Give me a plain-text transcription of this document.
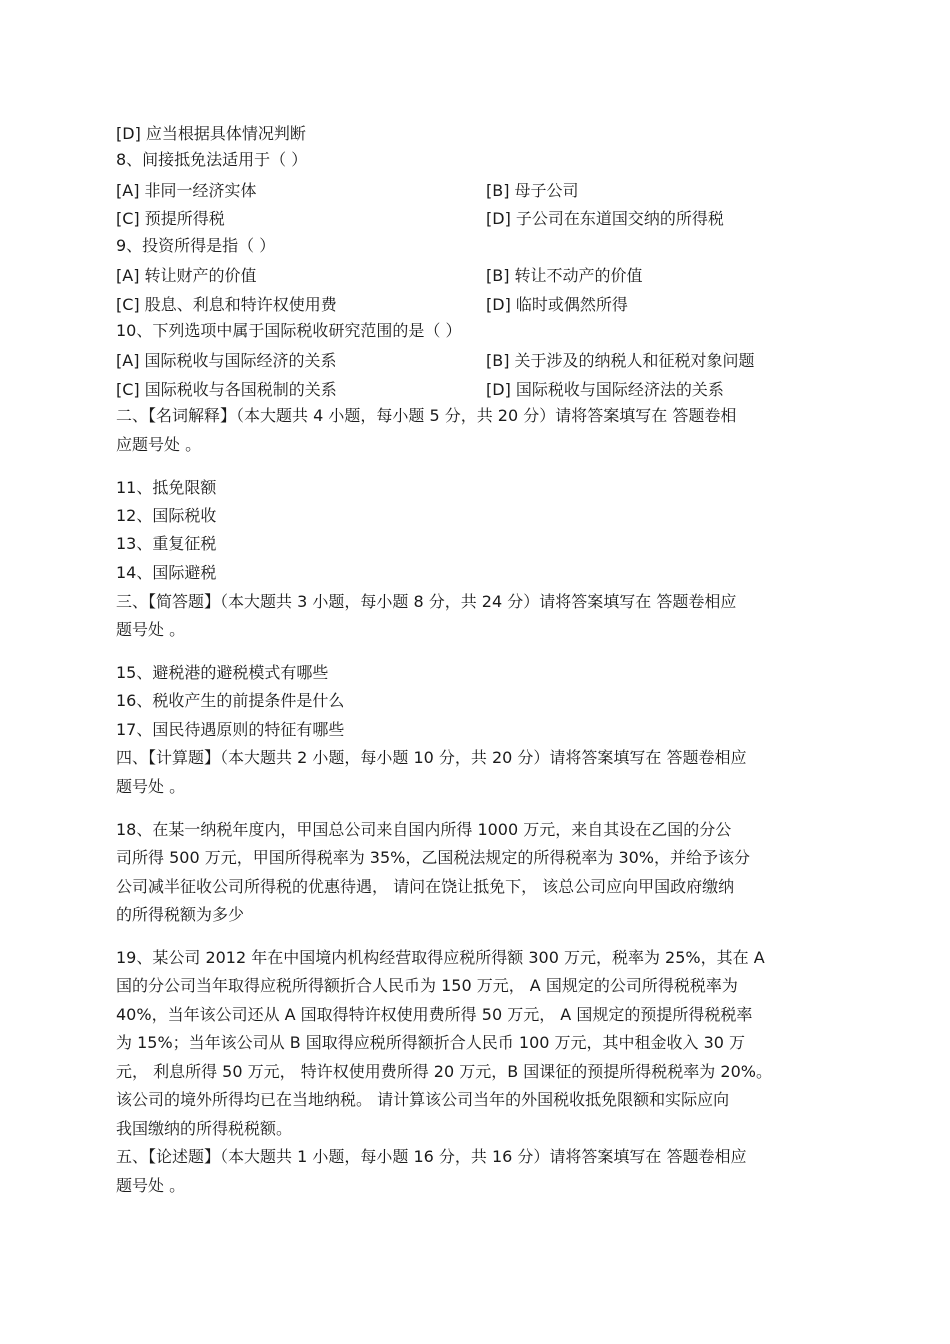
[D] 应当根据具体情况判断
8、间接抵免法适用于（ ）
[A] 非同一经济实体	[B] 母子公司
[C] 预提所得税	[D] 子公司在东道国交纳的所得税
9、投资所得是指（ ）
[A] 转让财产的价值	[B] 转让不动产的价值
[C] 股息、利息和特许权使用费	[D] 临时或偶然所得
10、下列选项中属于国际税收研究范围的是（ ）
[A] 国际税收与国际经济的关系	[B] 关于涉及的纳税人和征税对象问题
[C] 国际税收与各国税制的关系	[D] 国际税收与国际经济法的关系
二、【名词解释】（本大题共 4 小题，每小题 5 分，共 20 分）请将答案填写在 答题卷相
应题号处 。
11、抵免限额
12、国际税收
13、重复征税
14、国际避税
三、【简答题】（本大题共 3 小题，每小题 8 分，共 24 分）请将答案填写在 答题卷相应
题号处 。
15、避税港的避税模式有哪些
16、税收产生的前提条件是什么
17、国民待遇原则的特征有哪些
四、【计算题】（本大题共 2 小题，每小题 10 分，共 20 分）请将答案填写在 答题卷相应
题号处 。
18、在某一纳税年度内，甲国总公司来自国内所得 1000 万元，来自其设在乙国的分公
司所得 500 万元，甲国所得税率为 35%，乙国税法规定的所得税率为 30%，并给予该分
公司减半征收公司所得税的优惠待遇， 请问在饶让抵免下， 该总公司应向甲国政府缴纳
的所得税额为多少
19、某公司 2012 年在中国境内机构经营取得应税所得额 300 万元，税率为 25%，其在 A
国的分公司当年取得应税所得额折合人民币为 150 万元， A 国规定的公司所得税税率为
40%，当年该公司还从 A 国取得特许权使用费所得 50 万元， A 国规定的预提所得税税率
为 15%；当年该公司从 B 国取得应税所得额折合人民币 100 万元，其中租金收入 30 万
元， 利息所得 50 万元， 特许权使用费所得 20 万元，B 国课征的预提所得税税率为 20%。
该公司的境外所得均已在当地纳税。 请计算该公司当年的外国税收抵免限额和实际应向
我国缴纳的所得税税额。
五、【论述题】（本大题共 1 小题，每小题 16 分，共 16 分）请将答案填写在 答题卷相应
题号处 。
